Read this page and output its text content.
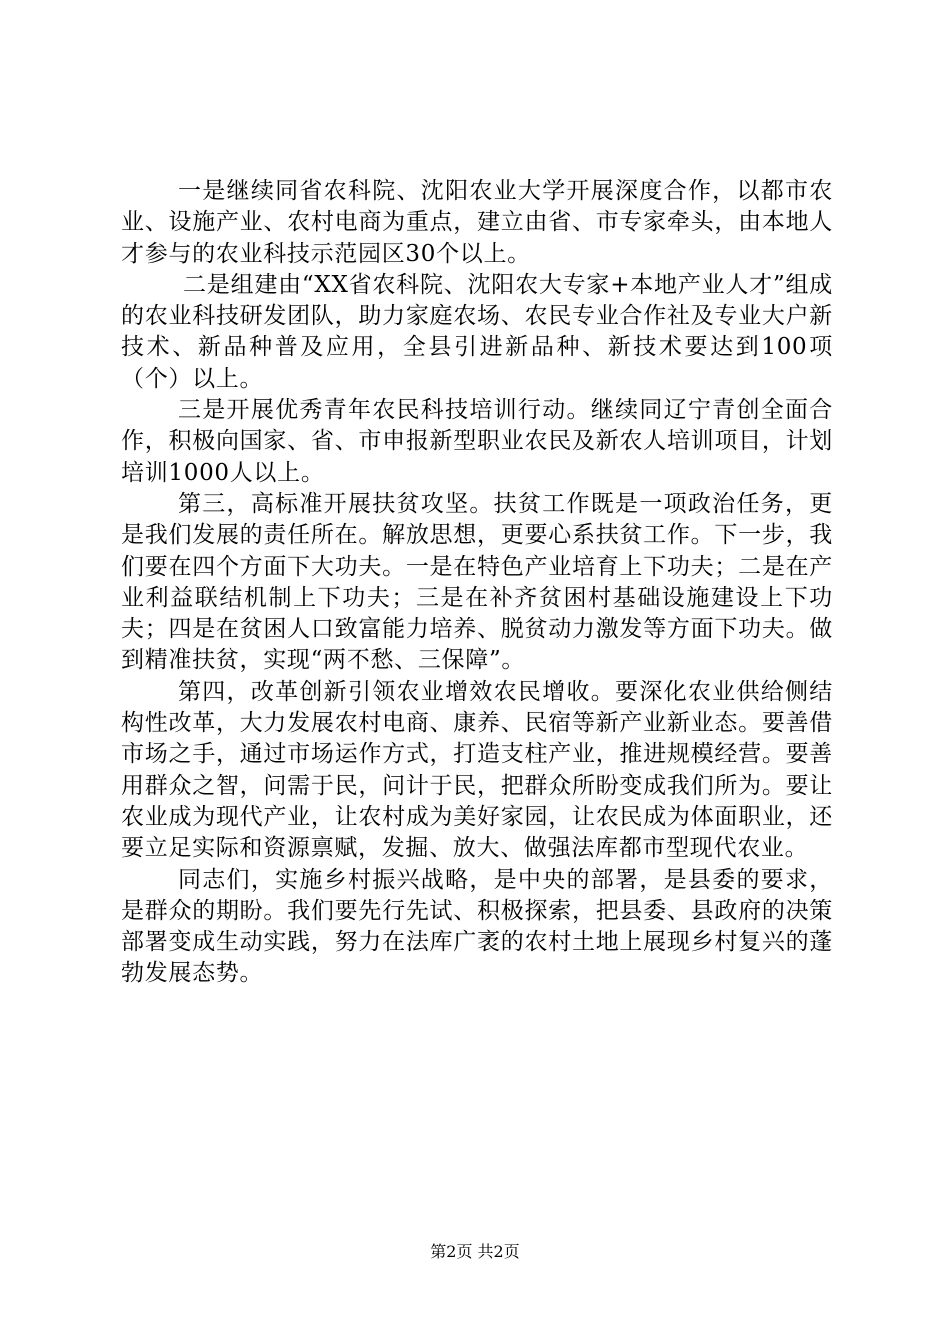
一是继续同省农科院、沈阳农业大学开展深度合作，以都市农业、设施产业、农村电商为重点，建立由省、市专家牵头，由本地人才参与的农业科技示范园区30个以上。

二是组建由“XX省农科院、沈阳农大专家+本地产业人才”组成的农业科技研发团队，助力家庭农场、农民专业合作社及专业大户新技术、新品种普及应用，全县引进新品种、新技术要达到100项（个）以上。

三是开展优秀青年农民科技培训行动。继续同辽宁青创全面合作，积极向国家、省、市申报新型职业农民及新农人培训项目，计划培训1000人以上。

第三，高标准开展扶贫攻坚。扶贫工作既是一项政治任务，更是我们发展的责任所在。解放思想，更要心系扶贫工作。下一步，我们要在四个方面下大功夫。一是在特色产业培育上下功夫；二是在产业利益联结机制上下功夫；三是在补齐贫困村基础设施建设上下功夫；四是在贫困人口致富能力培养、脱贫动力激发等方面下功夫。做到精准扶贫，实现“两不愁、三保障”。

第四，改革创新引领农业增效农民增收。要深化农业供给侧结构性改革，大力发展农村电商、康养、民宿等新产业新业态。要善借市场之手，通过市场运作方式，打造支柱产业，推进规模经营。要善用群众之智，问需于民，问计于民，把群众所盼变成我们所为。要让农业成为现代产业，让农村成为美好家园，让农民成为体面职业，还要立足实际和资源禀赋，发掘、放大、做强法库都市型现代农业。

同志们，实施乡村振兴战略，是中央的部署，是县委的要求，是群众的期盼。我们要先行先试、积极探索，把县委、县政府的决策部署变成生动实践，努力在法库广袤的农村土地上展现乡村复兴的蓬勃发展态势。

第2页 共2页
